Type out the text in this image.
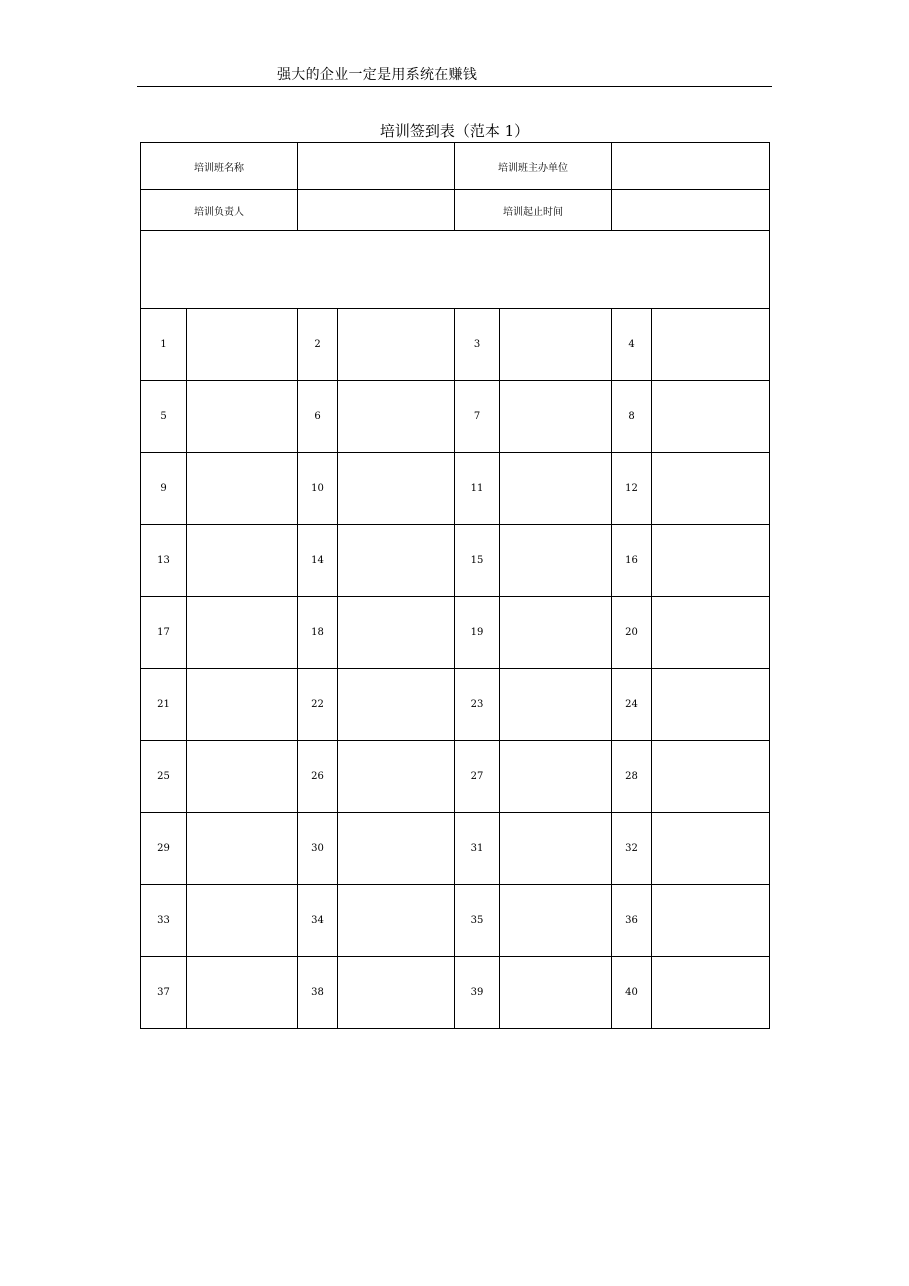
强大的企业一定是用系统在赚钱
培训签到表（范本 1）
培训班名称				培训班主办单位			
培训负责人				培训起止时间			

1		2		3		4	
5		6		7		8	
9		10		11		12	
13		14		15		16	
17		18		19		20	
21		22		23		24	
25		26		27		28	
29		30		31		32	
33		34		35		36	
37		38		39		40	
